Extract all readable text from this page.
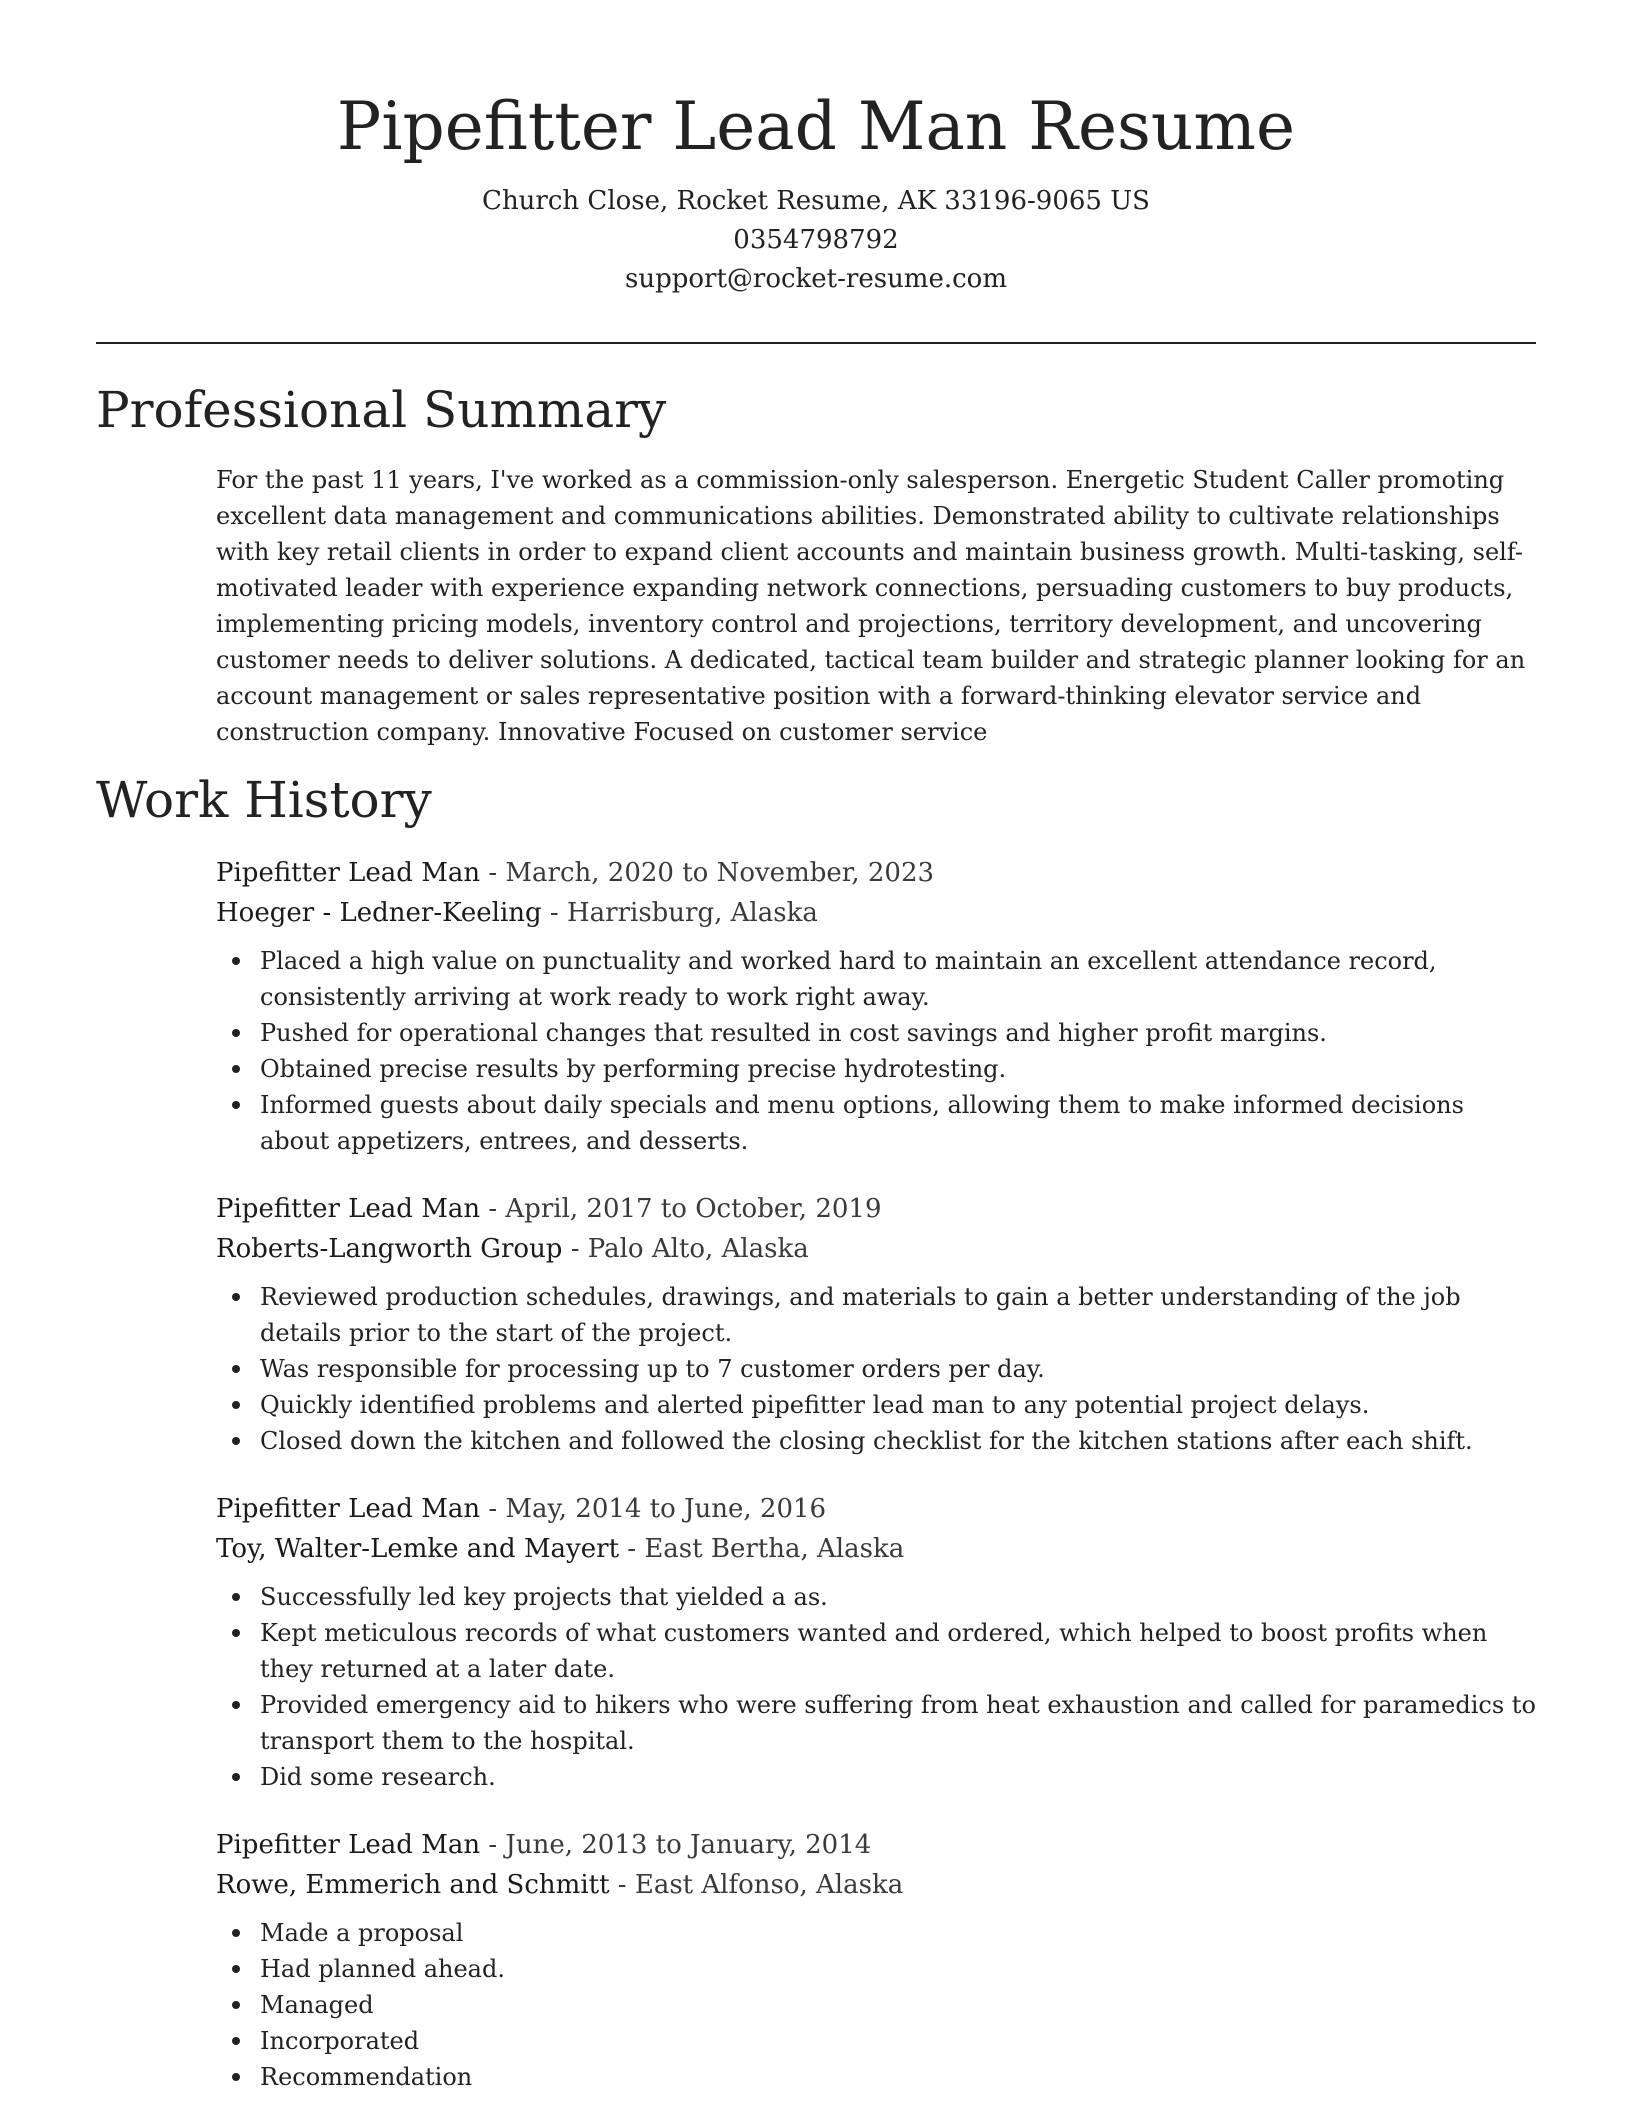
Pipefitter Lead Man Resume
Church Close, Rocket Resume, AK 33196-9065 US
0354798792
support@rocket-resume.com
Professional Summary

For the past 11 years, I've worked as a commission-only salesperson. Energetic Student Caller promoting excellent data management and communications abilities. Demonstrated ability to cultivate relationships with key retail clients in order to expand client accounts and maintain business growth. Multi-tasking, self-motivated leader with experience expanding network connections, persuading customers to buy products, implementing pricing models, inventory control and projections, territory development, and uncovering customer needs to deliver solutions. A dedicated, tactical team builder and strategic planner looking for an account management or sales representative position with a forward-thinking elevator service and construction company. Innovative Focused on customer service

Work History

Pipefitter Lead Man - March, 2020 to November, 2023

Hoeger - Ledner-Keeling - Harrisburg, Alaska

Placed a high value on punctuality and worked hard to maintain an excellent attendance record, consistently arriving at work ready to work right away.
Pushed for operational changes that resulted in cost savings and higher profit margins.
Obtained precise results by performing precise hydrotesting.
Informed guests about daily specials and menu options, allowing them to make informed decisions about appetizers, entrees, and desserts.

Pipefitter Lead Man - April, 2017 to October, 2019

Roberts-Langworth Group - Palo Alto, Alaska

Reviewed production schedules, drawings, and materials to gain a better understanding of the job details prior to the start of the project.
Was responsible for processing up to 7 customer orders per day.
Quickly identified problems and alerted pipefitter lead man to any potential project delays.
Closed down the kitchen and followed the closing checklist for the kitchen stations after each shift.

Pipefitter Lead Man - May, 2014 to June, 2016

Toy, Walter-Lemke and Mayert - East Bertha, Alaska

Successfully led key projects that yielded a as.
Kept meticulous records of what customers wanted and ordered, which helped to boost profits when they returned at a later date.
Provided emergency aid to hikers who were suffering from heat exhaustion and called for paramedics to transport them to the hospital.
Did some research.

Pipefitter Lead Man - June, 2013 to January, 2014

Rowe, Emmerich and Schmitt - East Alfonso, Alaska

Made a proposal
Had planned ahead.
Managed
Incorporated
Recommendation
